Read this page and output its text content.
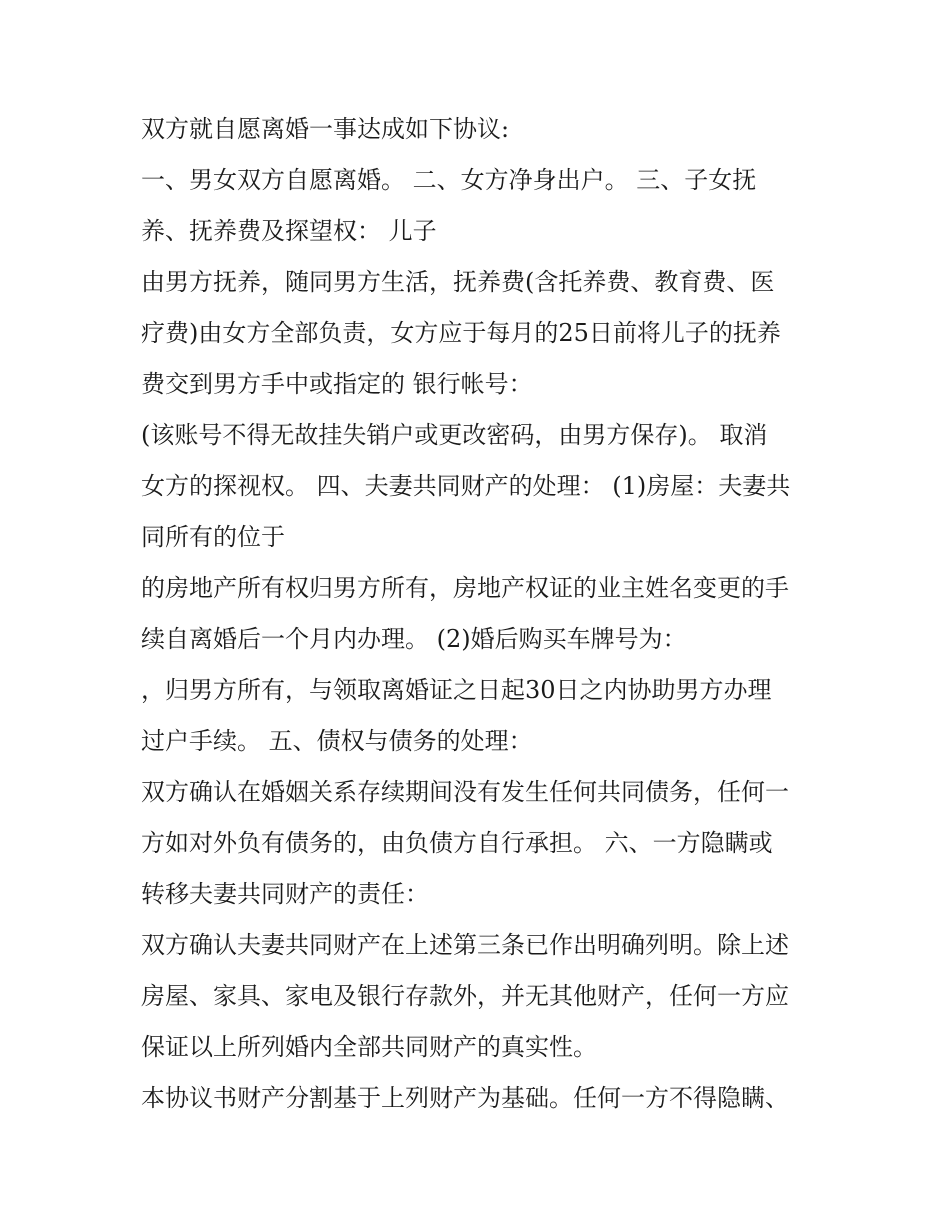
双方就自愿离婚一事达成如下协议:
一、男女双方自愿离婚。 二、女方净身出户。 三、子女抚
养、抚养费及探望权： 儿子
由男方抚养，随同男方生活，抚养费(含托养费、教育费、医
疗费)由女方全部负责，女方应于每月的25日前将儿子的抚养
费交到男方手中或指定的 银行帐号：
(该账号不得无故挂失销户或更改密码，由男方保存)。 取消
女方的探视权。 四、夫妻共同财产的处理： (1)房屋：夫妻共
同所有的位于
的房地产所有权归男方所有，房地产权证的业主姓名变更的手
续自离婚后一个月内办理。 (2)婚后购买车牌号为：
，归男方所有，与领取离婚证之日起30日之内协助男方办理
过户手续。 五、债权与债务的处理：
双方确认在婚姻关系存续期间没有发生任何共同债务，任何一
方如对外负有债务的，由负债方自行承担。 六、一方隐瞒或
转移夫妻共同财产的责任：
双方确认夫妻共同财产在上述第三条已作出明确列明。除上述
房屋、家具、家电及银行存款外，并无其他财产，任何一方应
保证以上所列婚内全部共同财产的真实性。
本协议书财产分割基于上列财产为基础。任何一方不得隐瞒、
